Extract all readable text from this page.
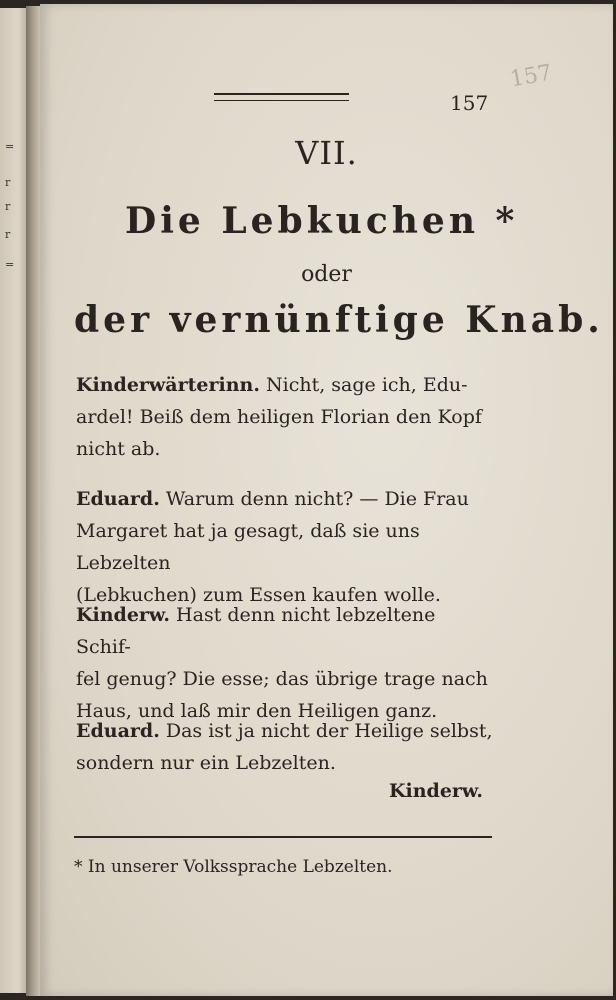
=
r
r
r
=
157
157
VII.
Die Lebkuchen *
oder
der vernünftige Knab.

Kinderwärterinn. Nicht, sage ich, Edu-

ardel! Beiß dem heiligen Florian den Kopf

nicht ab.

Eduard. Warum denn nicht? — Die Frau

Margaret hat ja gesagt, daß sie uns Lebzelten

(Lebkuchen) zum Essen kaufen wolle.

Kinderw. Hast denn nicht lebzeltene Schif-

fel genug? Die esse; das übrige trage nach

Haus, und laß mir den Heiligen ganz.

Eduard. Das ist ja nicht der Heilige selbst,

sondern nur ein Lebzelten.

Kinderw.
* In unserer Volkssprache Lebzelten.
